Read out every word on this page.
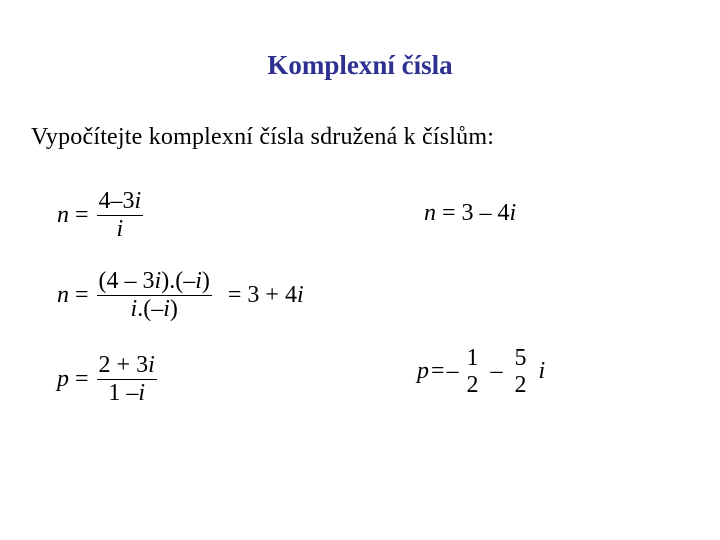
Komplexní čísla
Vypočítejte komplexní čísla sdružená k číslům:
$n = \frac{4-3i}{i}$
$n = \frac{(4 - 3i).(-i)}{i.(-i)} = 3 + 4i$
$p = \frac{2 + 3i}{1 -i}$
n = 3 – 4i
p = –
1
2
–
5
2
i
